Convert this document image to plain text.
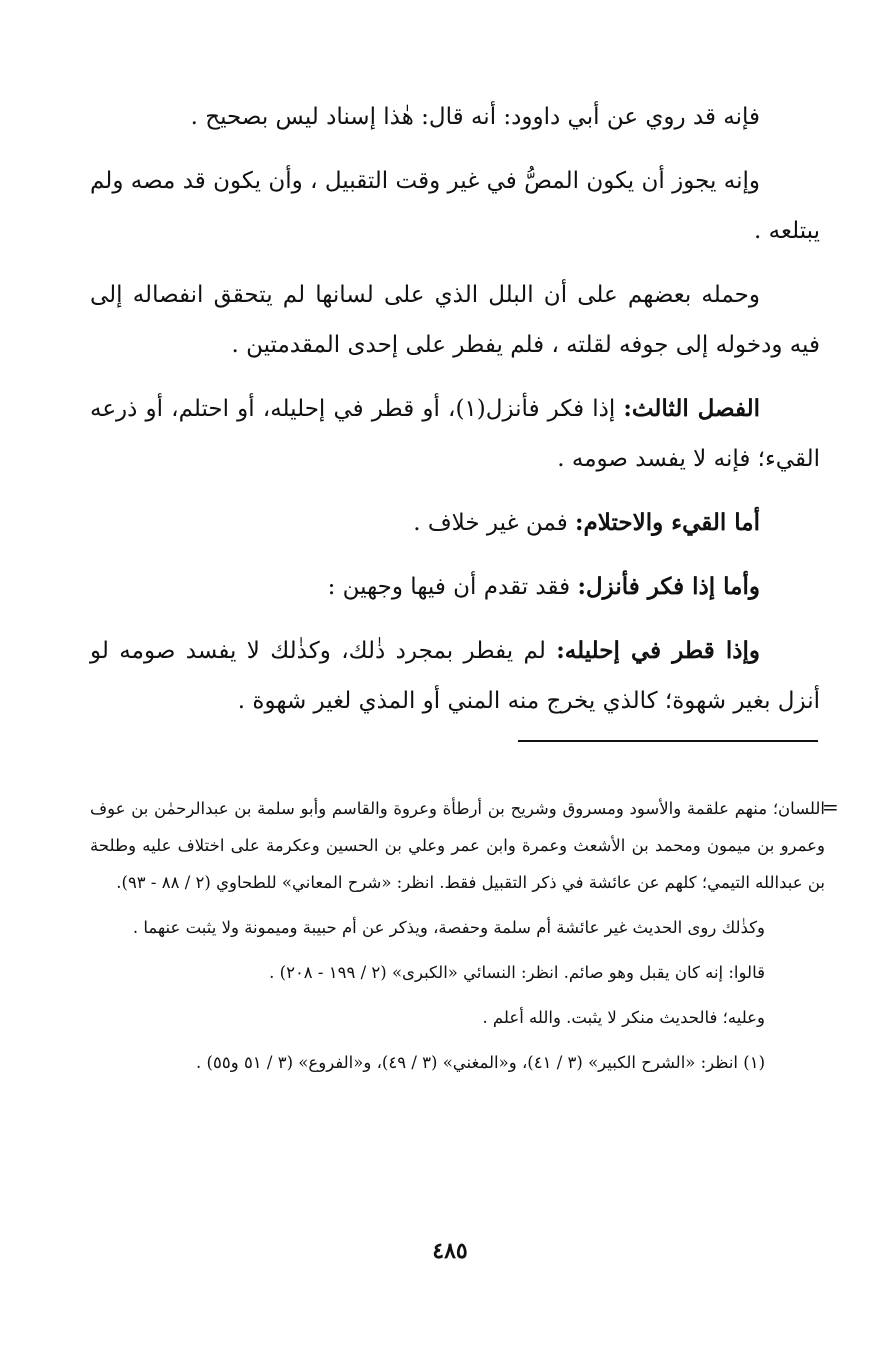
فإنه قد روي عن أبي داوود: أنه قال: هٰذا إسناد ليس بصحيح .

وإنه يجوز أن يكون المصُّ في غير وقت التقبيل ، وأن يكون قد مصه ولم يبتلعه .

وحمله بعضهم على أن البلل الذي على لسانها لم يتحقق انفصاله إلى فيه ودخوله إلى جوفه لقلته ، فلم يفطر على إحدى المقدمتين .

الفصل الثالث: إذا فكر فأنزل(١)، أو قطر في إحليله، أو احتلم، أو ذرعه القيء؛ فإنه لا يفسد صومه .

أما القيء والاحتلام: فمن غير خلاف .

وأما إذا فكر فأنزل: فقد تقدم أن فيها وجهين :

وإذا قطر في إحليله: لم يفطر بمجرد ذٰلك، وكذٰلك لا يفسد صومه لو أنزل بغير شهوة؛ كالذي يخرج منه المني أو المذي لغير شهوة .

=

اللسان؛ منهم علقمة والأسود ومسروق وشريح بن أرطأة وعروة والقاسم وأبو سلمة بن عبدالرحمٰن بن عوف وعمرو بن ميمون ومحمد بن الأشعث وعمرة وابن عمر وعلي بن الحسين وعكرمة على اختلاف عليه وطلحة بن عبدالله التيمي؛ كلهم عن عائشة في ذكر التقبيل فقط. انظر: «شرح المعاني» للطحاوي (٢ / ٨٨ - ٩٣).

وكذٰلك روى الحديث غير عائشة أم سلمة وحفصة، ويذكر عن أم حبيبة وميمونة ولا يثبت عنهما .

قالوا: إنه كان يقبل وهو صائم. انظر: النسائي «الكبرى» (٢ / ١٩٩ - ٢٠٨) .

وعليه؛ فالحديث منكر لا يثبت. والله أعلم .

(١) انظر: «الشرح الكبير» (٣ / ٤١)، و«المغني» (٣ / ٤٩)، و«الفروع» (٣ / ٥١ و٥٥) .

٤٨٥
